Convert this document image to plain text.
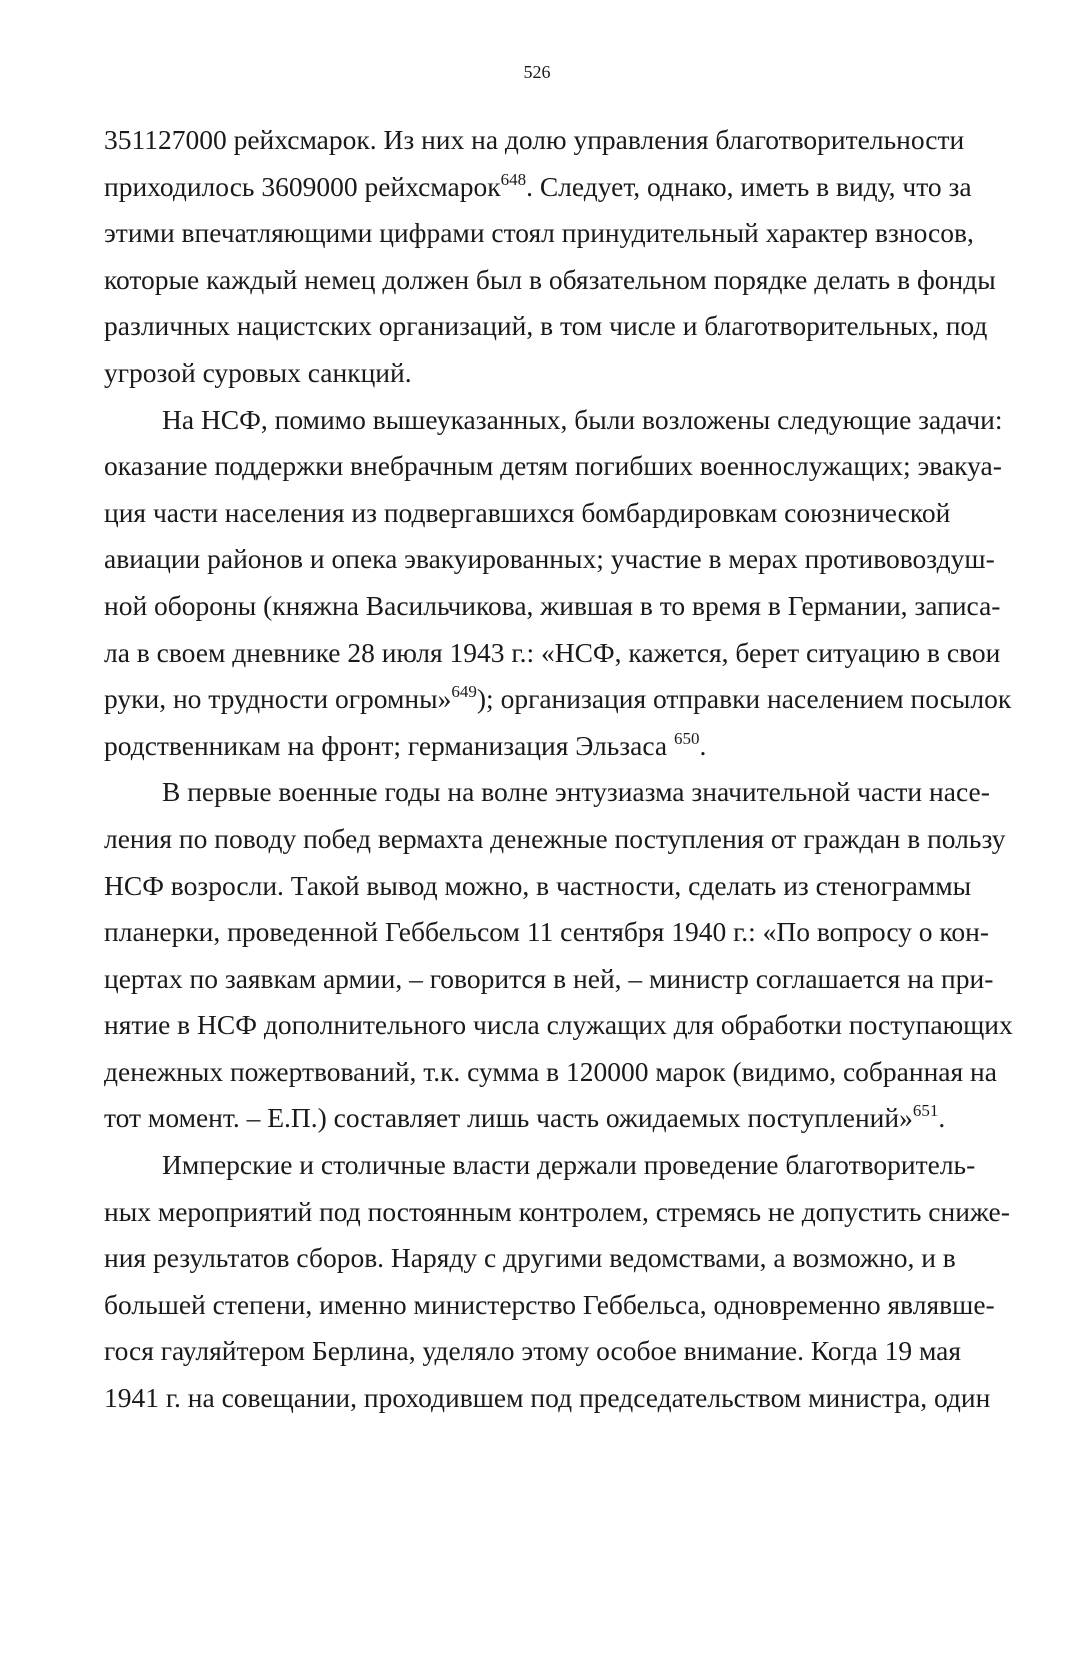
526
351127000 рейхсмарок. Из них на долю управления благотворительности
приходилось 3609000 рейхсмарок$^{648}$. Следует, однако, иметь в виду, что за
этими впечатляющими цифрами стоял принудительный характер взносов,
которые каждый немец должен был в обязательном порядке делать в фонды
различных нацистских организаций, в том числе и благотворительных, под
угрозой суровых санкций.
На НСФ, помимо вышеуказанных, были возложены следующие задачи:
оказание поддержки внебрачным детям погибших военнослужащих; эвакуа-
ция части населения из подвергавшихся бомбардировкам союзнической
авиации районов и опека эвакуированных; участие в мерах противовоздуш-
ной обороны (княжна Васильчикова, жившая в то время в Германии, записа-
ла в своем дневнике 28 июля 1943 г.: «НСФ, кажется, берет ситуацию в свои
руки, но трудности огромны»$^{649}$); организация отправки населением посылок
родственникам на фронт; германизация Эльзаса $^{650}$.
В первые военные годы на волне энтузиазма значительной части насе-
ления по поводу побед вермахта денежные поступления от граждан в пользу
НСФ возросли. Такой вывод можно, в частности, сделать из стенограммы
планерки, проведенной Геббельсом 11 сентября 1940 г.: «По вопросу о кон-
цертах по заявкам армии, – говорится в ней, – министр соглашается на при-
нятие в НСФ дополнительного числа служащих для обработки поступающих
денежных пожертвований, т.к. сумма в 120000 марок (видимо, собранная на
тот момент. – Е.П.) составляет лишь часть ожидаемых поступлений»$^{651}$.
Имперские и столичные власти держали проведение благотворитель-
ных мероприятий под постоянным контролем, стремясь не допустить сниже-
ния результатов сборов. Наряду с другими ведомствами, а возможно, и в
большей степени, именно министерство Геббельса, одновременно являвше-
гося гауляйтером Берлина, уделяло этому особое внимание. Когда 19 мая
1941 г. на совещании, проходившем под председательством министра, один
